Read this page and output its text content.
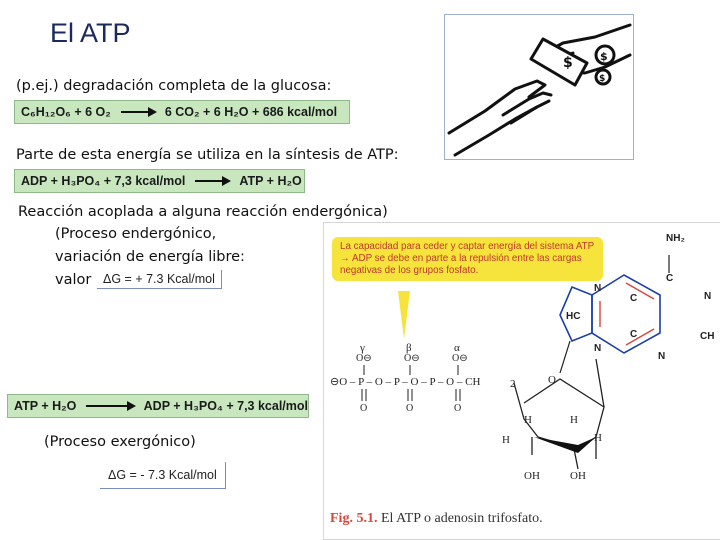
El ATP
(p.ej.) degradación completa de la glucosa:
C₆H₁₂O₆ + 6 O₂	6 CO₂ + 6 H₂O + 686 kcal/mol
Parte de esta energía se utiliza en la síntesis de ATP:
ADP + H₃PO₄ + 7,3 kcal/mol	ATP + H₂O
Reacción acoplada a alguna reacción endergónica)
(Proceso endergónico,
variación de energía libre:
valor ΔG = + 7.3 Kcal/mol
ATP + H₂O	ADP + H₃PO₄ + 7,3 kcal/mol
(Proceso exergónico)
ΔG = - 7.3 Kcal/mol
$ $
$
La capacidad para ceder y captar energía del sistema ATP → ADP se debe en parte a la repulsión entre las cargas negativas de los grupos fosfato.
NH₂
C
N
C
N
CH
N
C
HC
N
γ	β	α
⊖O – P – O – P – O – P – O – CH
O⊖	O⊖	O⊖
O	O	O
2	O
H	H
H	H
OH	OH
Fig. 5.1. El ATP o adenosin trifosfato.
